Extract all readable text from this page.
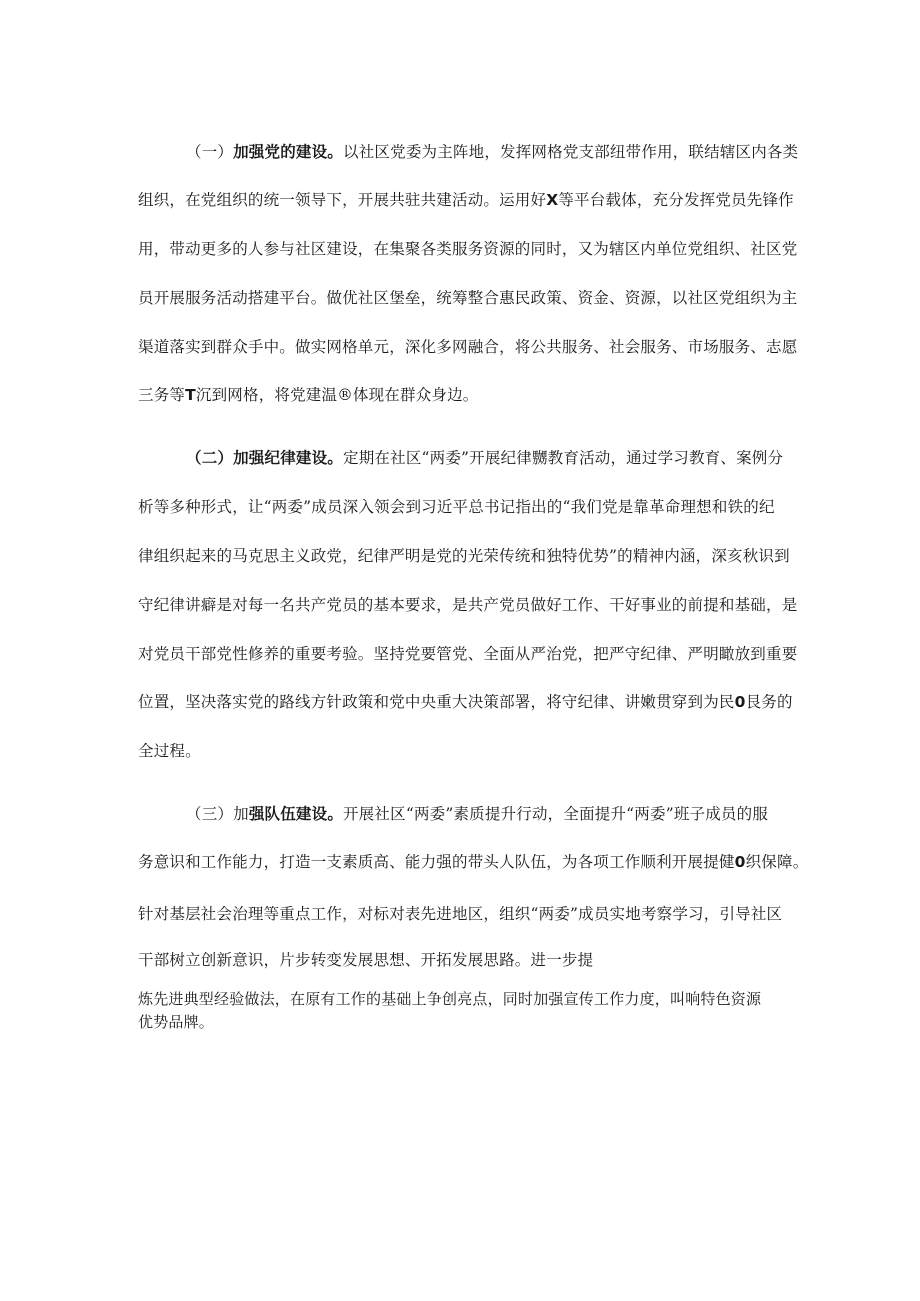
（一）加强党的建设。以社区党委为主阵地，发挥网格党支部纽带作用，联结辖区内各类
组织，在党组织的统一领导下，开展共驻共建活动。运用好X等平台载体，充分发挥党员先锋作
用，带动更多的人参与社区建设，在集聚各类服务资源的同时，又为辖区内单位党组织、社区党
员开展服务活动搭建平台。做优社区堡垒，统筹整合惠民政策、资金、资源，以社区党组织为主
渠道落实到群众手中。做实网格单元，深化多网融合，将公共服务、社会服务、市场服务、志愿
三务等T沉到网格，将党建温®体现在群众身边。
（二）加强纪律建设。定期在社区“两委”开展纪律嬲教育活动，通过学习教育、案例分
析等多种形式，让“两委”成员深入领会到习近平总书记指出的“我们党是靠革命理想和铁的纪
律组织起来的马克思主义政党，纪律严明是党的光荣传统和独特优势”的精神内涵，深亥秋识到
守纪律讲癖是对每一名共产党员的基本要求，是共产党员做好工作、干好事业的前提和基础，是
对党员干部党性修养的重要考验。坚持党要管党、全面从严治党，把严守纪律、严明瞰放到重要
位置，坚决落实党的路线方针政策和党中央重大决策部署，将守纪律、讲嫩贯穿到为民0艮务的
全过程。
（三）加强队伍建设。开展社区“两委”素质提升行动，全面提升“两委”班子成员的服
务意识和工作能力，打造一支素质高、能力强的带头人队伍，为各项工作顺利开展提健0织保障。
针对基层社会治理等重点工作，对标对表先进地区，组织“两委”成员实地考察学习，引导社区
干部树立创新意识，片步转变发展思想、开拓发展思路。进一步提
炼先进典型经验做法，在原有工作的基础上争创亮点，同时加强宣传工作力度，叫响特色资源
优势品牌。
